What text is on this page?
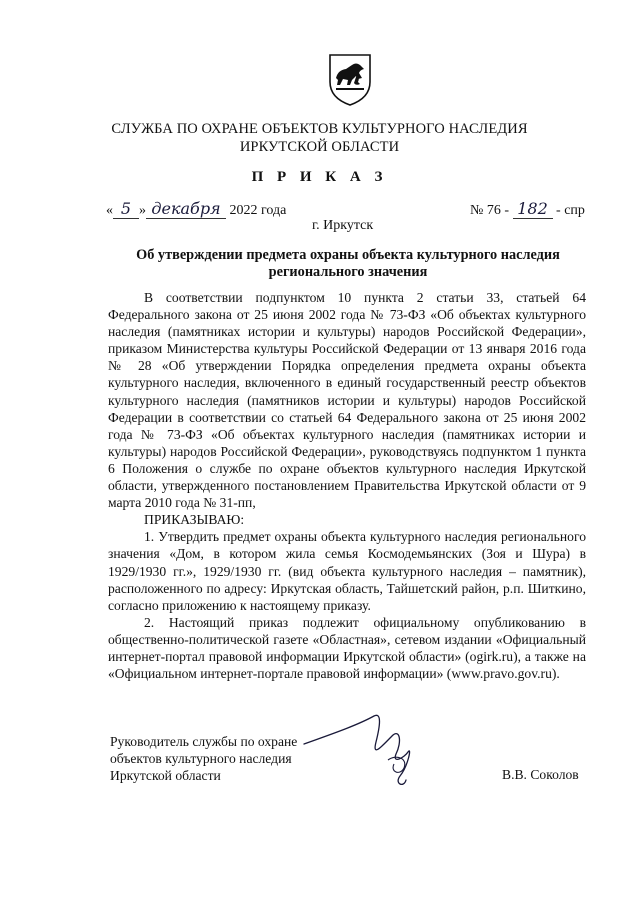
СЛУЖБА ПО ОХРАНЕ ОБЪЕКТОВ КУЛЬТУРНОГО НАСЛЕДИЯ
ИРКУТСКОЙ ОБЛАСТИ
П Р И К А З
« 5 » декабря 2022 года	№ 76 - 182 - спр
г. Иркутск
Об утверждении предмета охраны объекта культурного наследия
регионального значения

В соответствии подпунктом 10 пункта 2 статьи 33, статьей 64 Федерального закона от 25 июня 2002 года № 73-ФЗ «Об объектах культурного наследия (памятниках истории и культуры) народов Российской Федерации», приказом Министерства культуры Российской Федерации от 13 января 2016 года № 28 «Об утверждении Порядка определения предмета охраны объекта культурного наследия, включенного в единый государственный реестр объектов культурного наследия (памятников истории и культуры) народов Российской Федерации в соответствии со статьей 64 Федерального закона от 25 июня 2002 года № 73-ФЗ «Об объектах культурного наследия (памятниках истории и культуры) народов Российской Федерации», руководствуясь подпунктом 1 пункта 6 Положения о службе по охране объектов культурного наследия Иркутской области, утвержденного постановлением Правительства Иркутской области от 9 марта 2010 года № 31-пп,

ПРИКАЗЫВАЮ:

1. Утвердить предмет охраны объекта культурного наследия регионального значения «Дом, в котором жила семья Космодемьянских (Зоя и Шура) в 1929/1930 гг.», 1929/1930 гг. (вид объекта культурного наследия – памятник), расположенного по адресу: Иркутская область, Тайшетский район, р.п. Шиткино, согласно приложению к настоящему приказу.

2. Настоящий приказ подлежит официальному опубликованию в общественно-политической газете «Областная», сетевом издании «Официальный интернет-портал правовой информации Иркутской области» (ogirk.ru), а также на «Официальном интернет-портале правовой информации» (www.pravo.gov.ru).

Руководитель службы по охране
объектов культурного наследия
Иркутской области	В.В. Соколов
